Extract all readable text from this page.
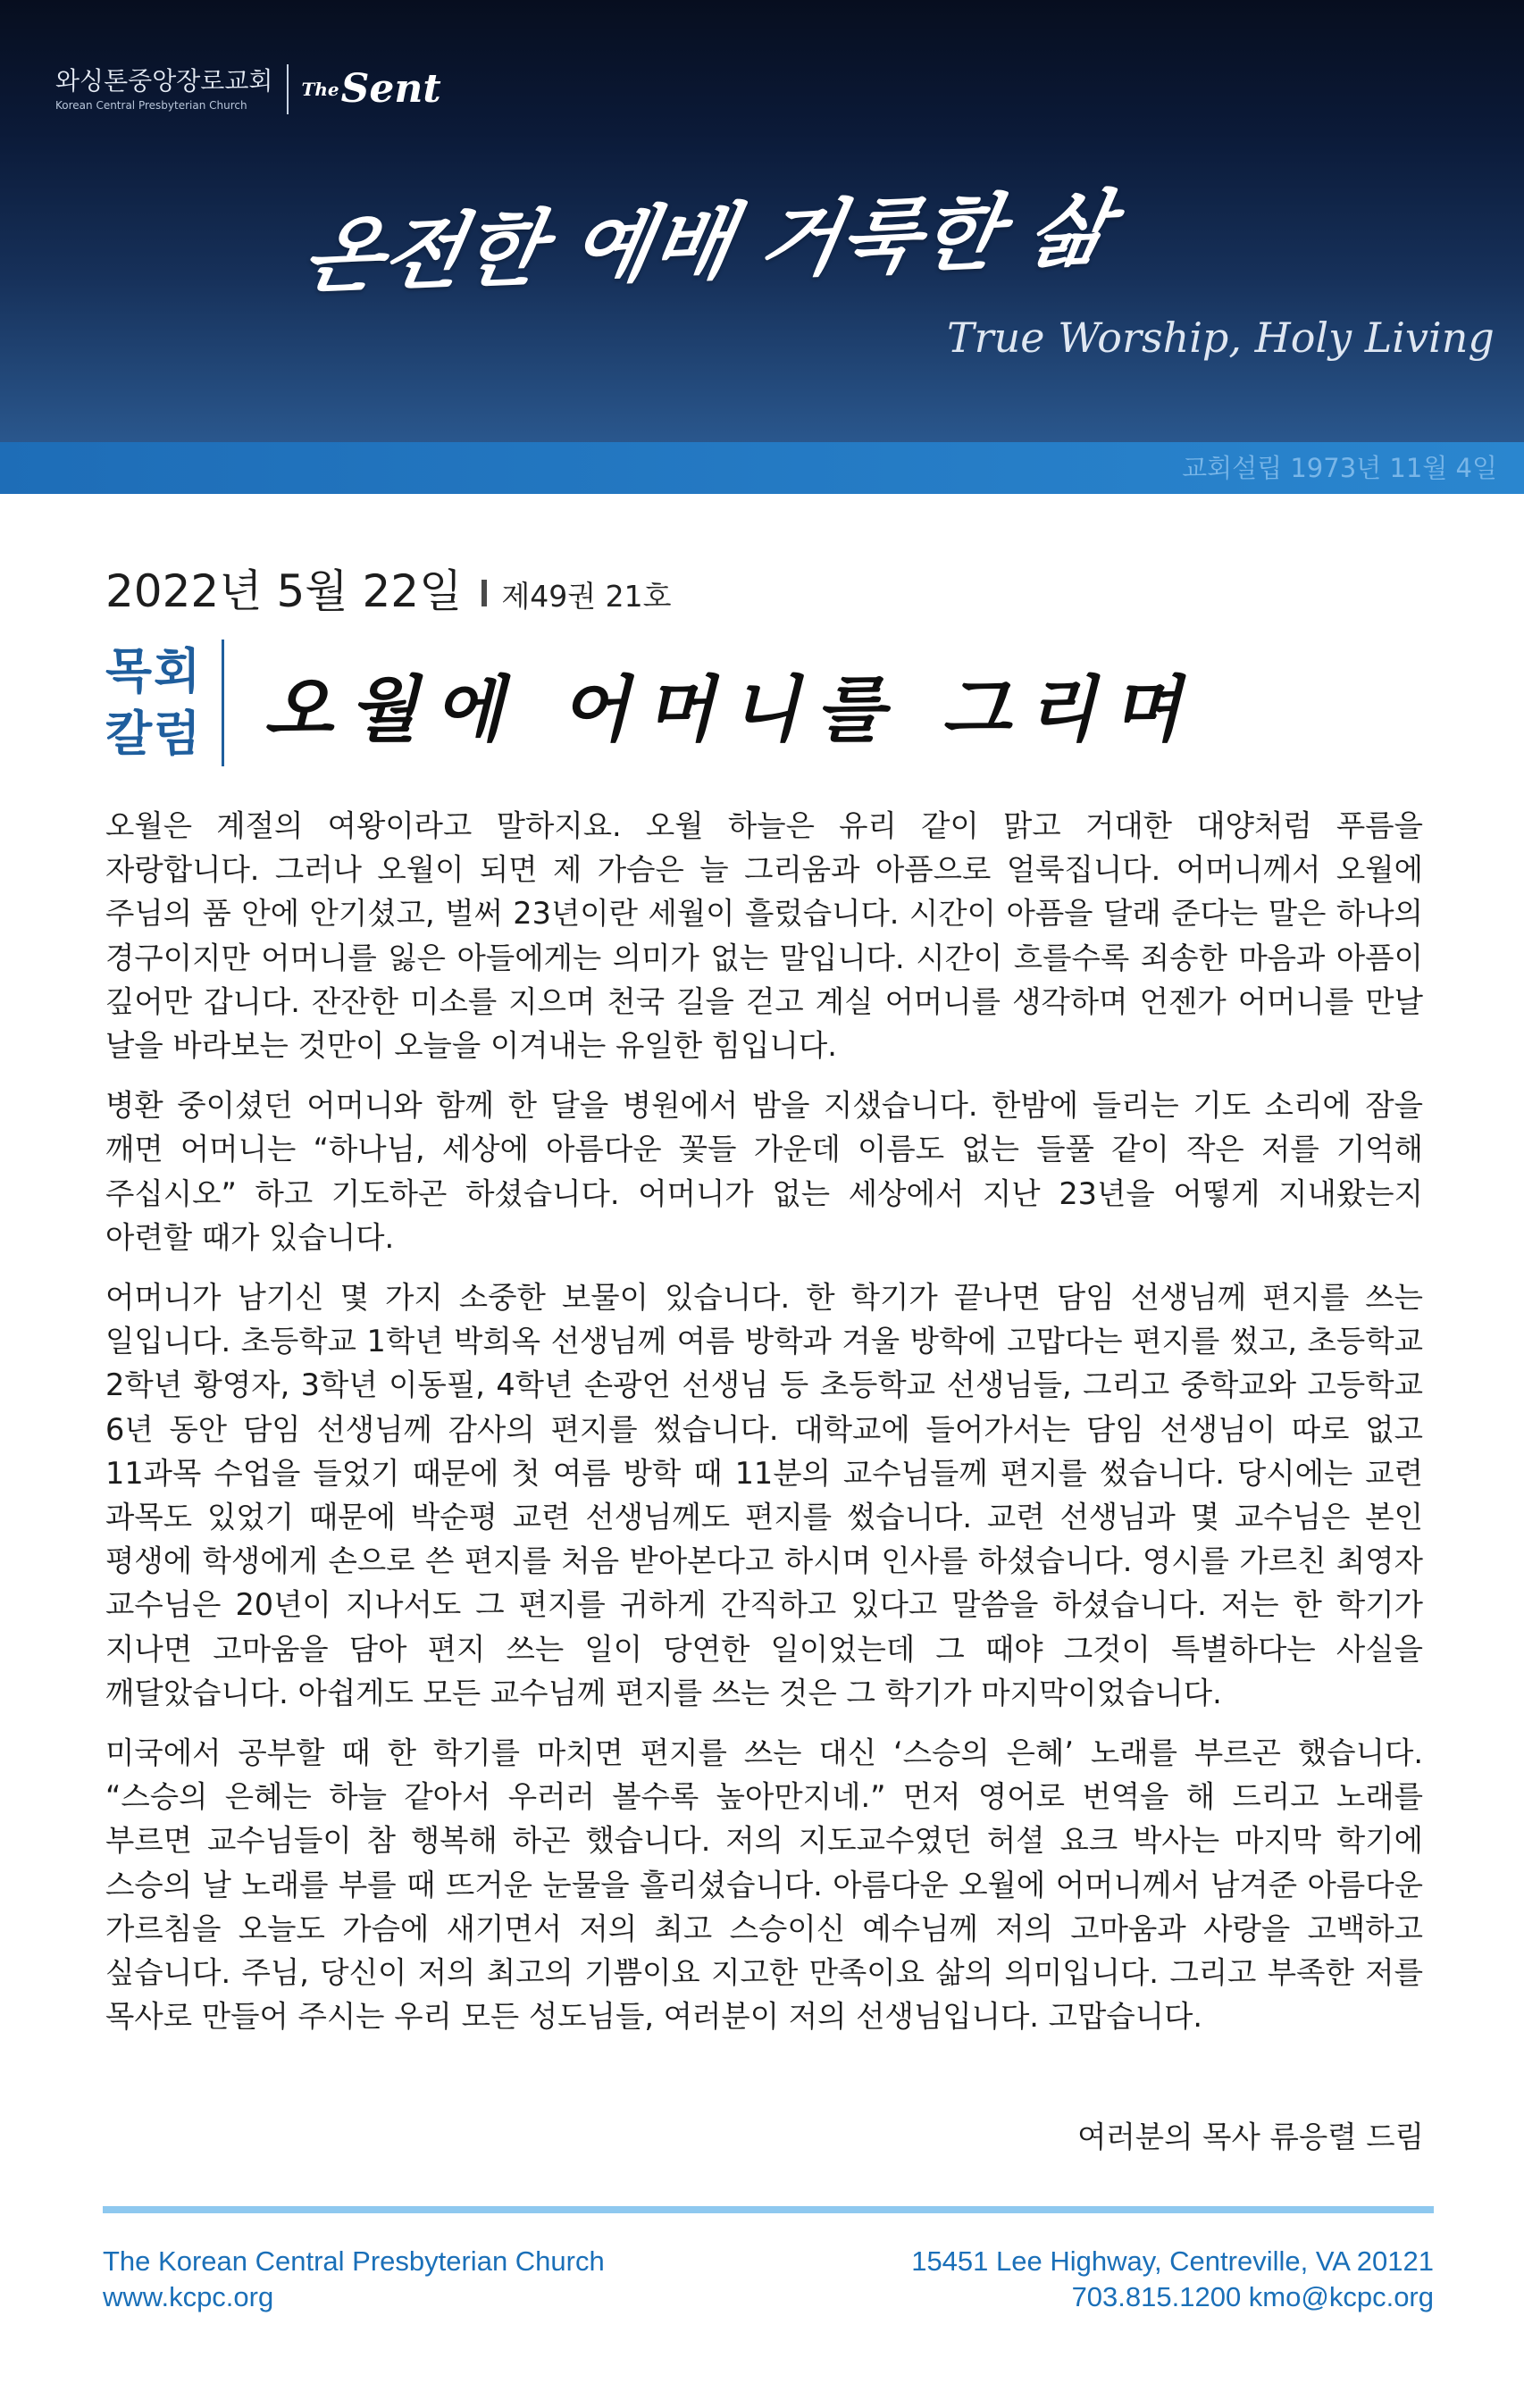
와싱톤중앙장로교회
Korean Central Presbyterian Church
$^{The}$Sent
온전한 예배 거룩한 삶
True Worship, Holy Living
교회설립 1973년 11월 4일
2022년 5월 22일 제49권 21호
목회
칼럼 오월에 어머니를 그리며

오월은 계절의 여왕이라고 말하지요. 오월 하늘은 유리 같이 맑고 거대한 대양처럼 푸름을 자랑합니다. 그러나 오월이 되면 제 가슴은 늘 그리움과 아픔으로 얼룩집니다. 어머니께서 오월에 주님의 품 안에 안기셨고, 벌써 23년이란 세월이 흘렀습니다. 시간이 아픔을 달래 준다는 말은 하나의 경구이지만 어머니를 잃은 아들에게는 의미가 없는 말입니다. 시간이 흐를수록 죄송한 마음과 아픔이 깊어만 갑니다. 잔잔한 미소를 지으며 천국 길을 걷고 계실 어머니를 생각하며 언젠가 어머니를 만날 날을 바라보는 것만이 오늘을 이겨내는 유일한 힘입니다.

병환 중이셨던 어머니와 함께 한 달을 병원에서 밤을 지샜습니다. 한밤에 들리는 기도 소리에 잠을 깨면 어머니는 “하나님, 세상에 아름다운 꽃들 가운데 이름도 없는 들풀 같이 작은 저를 기억해 주십시오” 하고 기도하곤 하셨습니다. 어머니가 없는 세상에서 지난 23년을 어떻게 지내왔는지 아련할 때가 있습니다.

어머니가 남기신 몇 가지 소중한 보물이 있습니다. 한 학기가 끝나면 담임 선생님께 편지를 쓰는 일입니다. 초등학교 1학년 박희옥 선생님께 여름 방학과 겨울 방학에 고맙다는 편지를 썼고, 초등학교 2학년 황영자, 3학년 이동필, 4학년 손광언 선생님 등 초등학교 선생님들, 그리고 중학교와 고등학교 6년 동안 담임 선생님께 감사의 편지를 썼습니다. 대학교에 들어가서는 담임 선생님이 따로 없고 11과목 수업을 들었기 때문에 첫 여름 방학 때 11분의 교수님들께 편지를 썼습니다. 당시에는 교련 과목도 있었기 때문에 박순평 교련 선생님께도 편지를 썼습니다. 교련 선생님과 몇 교수님은 본인 평생에 학생에게 손으로 쓴 편지를 처음 받아본다고 하시며 인사를 하셨습니다. 영시를 가르친 최영자 교수님은 20년이 지나서도 그 편지를 귀하게 간직하고 있다고 말씀을 하셨습니다. 저는 한 학기가 지나면 고마움을 담아 편지 쓰는 일이 당연한 일이었는데 그 때야 그것이 특별하다는 사실을 깨달았습니다. 아쉽게도 모든 교수님께 편지를 쓰는 것은 그 학기가 마지막이었습니다.

미국에서 공부할 때 한 학기를 마치면 편지를 쓰는 대신 ‘스승의 은혜’ 노래를 부르곤 했습니다. “스승의 은혜는 하늘 같아서 우러러 볼수록 높아만지네.” 먼저 영어로 번역을 해 드리고 노래를 부르면 교수님들이 참 행복해 하곤 했습니다. 저의 지도교수였던 허셜 요크 박사는 마지막 학기에 스승의 날 노래를 부를 때 뜨거운 눈물을 흘리셨습니다. 아름다운 오월에 어머니께서 남겨준 아름다운 가르침을 오늘도 가슴에 새기면서 저의 최고 스승이신 예수님께 저의 고마움과 사랑을 고백하고 싶습니다. 주님, 당신이 저의 최고의 기쁨이요 지고한 만족이요 삶의 의미입니다. 그리고 부족한 저를 목사로 만들어 주시는 우리 모든 성도님들, 여러분이 저의 선생님입니다. 고맙습니다.

여러분의 목사 류응렬 드림
The Korean Central Presbyterian Church
www.kcpc.org
15451 Lee Highway, Centreville, VA 20121
703.815.1200 kmo@kcpc.org
